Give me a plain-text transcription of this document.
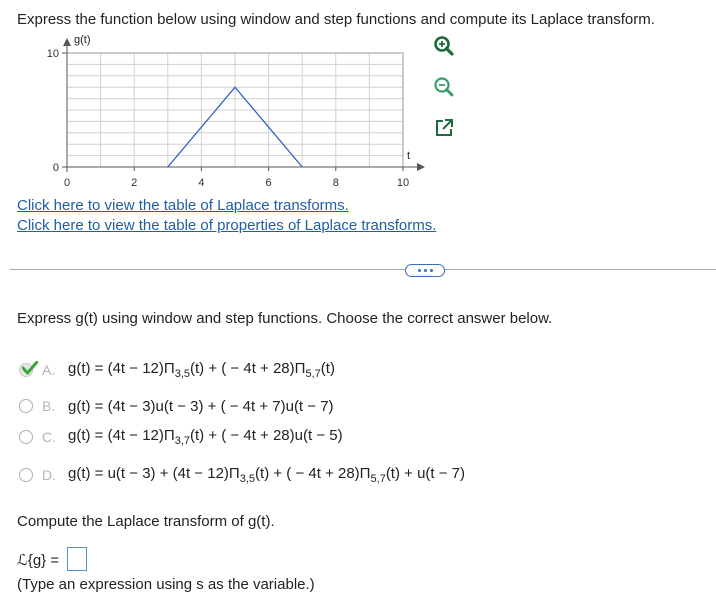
Express the function below using window and step functions and compute its Laplace transform.
g(t)
t
10
0
0	2	4	6	8	10
Click here to view the table of Laplace transforms.
Click here to view the table of properties of Laplace transforms.
Express g(t) using window and step functions. Choose the correct answer below.
A. $g(t) = (4t - 12)\Pi_{3,5}(t)$ + ( − $4t + 28)\Pi_{5,7}(t)$
B. g(t) = (4t − 3)u(t − 3) + ( − 4t + 7)u(t − 7)
C. $g(t) = (4t - 12)\Pi_{3,7}(t)$ + ( − 4t + 28)u(t − 5)
D. $g(t) = u(t - 3) + (4t - 12)\Pi_{3,5}(t)$ + ( − $4t + 28)\Pi_{5,7}(t) + u(t - 7)$
Compute the Laplace transform of g(t).
ℒ{g} =
(Type an expression using s as the variable.)
